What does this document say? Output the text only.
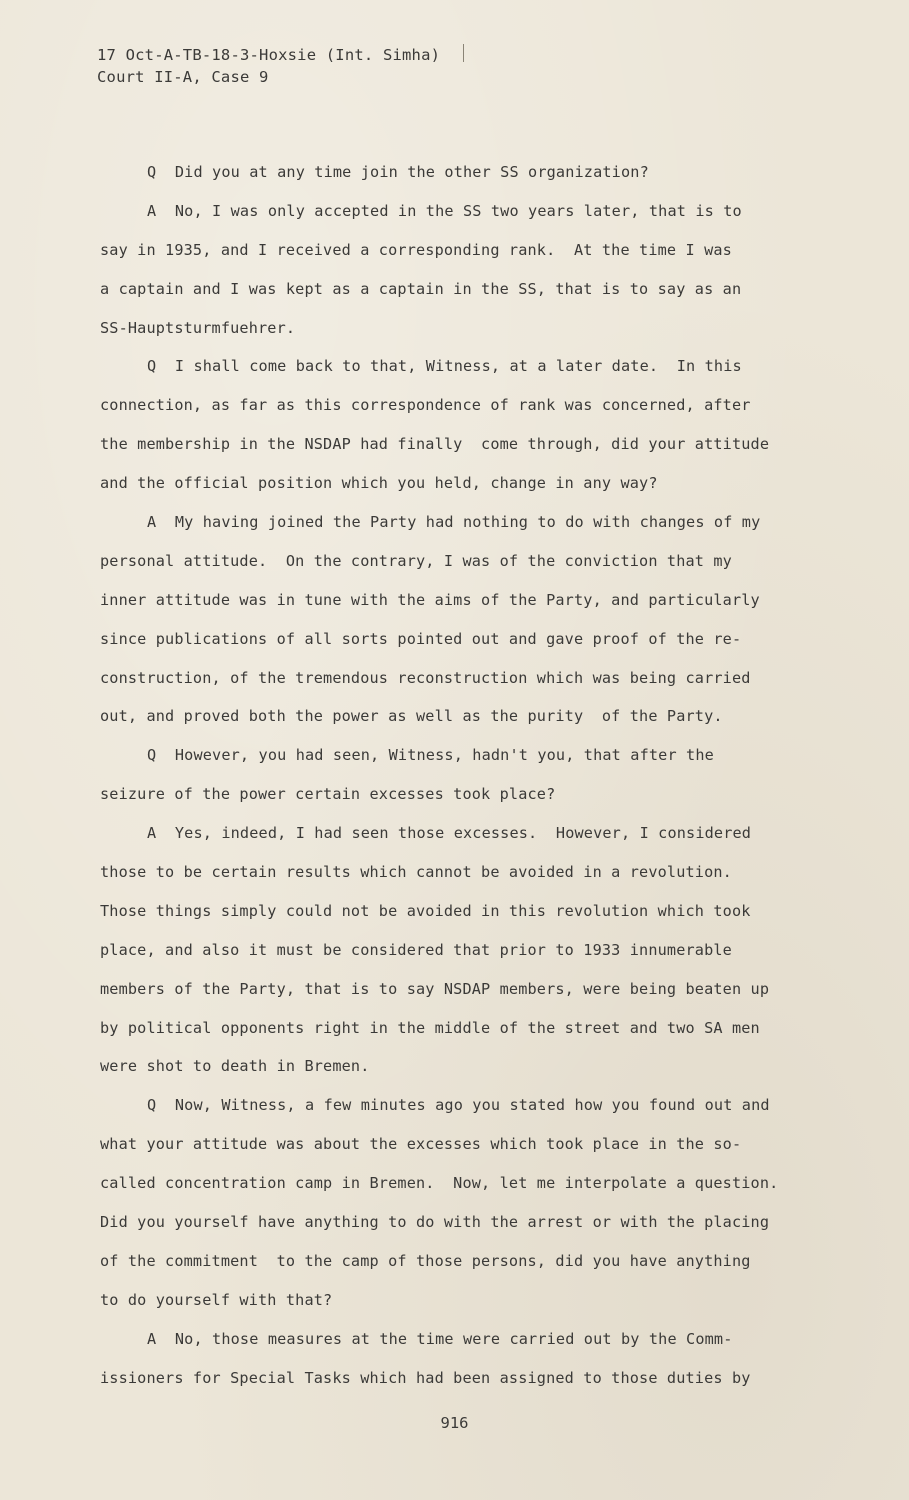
17 Oct-A-TB-18-3-Hoxsie (Int. Simha)
Court II-A, Case 9
Q  Did you at any time join the other SS organization?
A  No, I was only accepted in the SS two years later, that is to
say in 1935, and I received a corresponding rank.  At the time I was
a captain and I was kept as a captain in the SS, that is to say as an
SS-Hauptsturmfuehrer.
Q  I shall come back to that, Witness, at a later date.  In this
connection, as far as this correspondence of rank was concerned, after
the membership in the NSDAP had finally  come through, did your attitude
and the official position which you held, change in any way?
A  My having joined the Party had nothing to do with changes of my
personal attitude.  On the contrary, I was of the conviction that my
inner attitude was in tune with the aims of the Party, and particularly
since publications of all sorts pointed out and gave proof of the re-
construction, of the tremendous reconstruction which was being carried
out, and proved both the power as well as the purity  of the Party.
Q  However, you had seen, Witness, hadn't you, that after the
seizure of the power certain excesses took place?
A  Yes, indeed, I had seen those excesses.  However, I considered
those to be certain results which cannot be avoided in a revolution.
Those things simply could not be avoided in this revolution which took
place, and also it must be considered that prior to 1933 innumerable
members of the Party, that is to say NSDAP members, were being beaten up
by political opponents right in the middle of the street and two SA men
were shot to death in Bremen.
Q  Now, Witness, a few minutes ago you stated how you found out and
what your attitude was about the excesses which took place in the so-
called concentration camp in Bremen.  Now, let me interpolate a question.
Did you yourself have anything to do with the arrest or with the placing
of the commitment  to the camp of those persons, did you have anything
to do yourself with that?
A  No, those measures at the time were carried out by the Comm-
issioners for Special Tasks which had been assigned to those duties by
916
